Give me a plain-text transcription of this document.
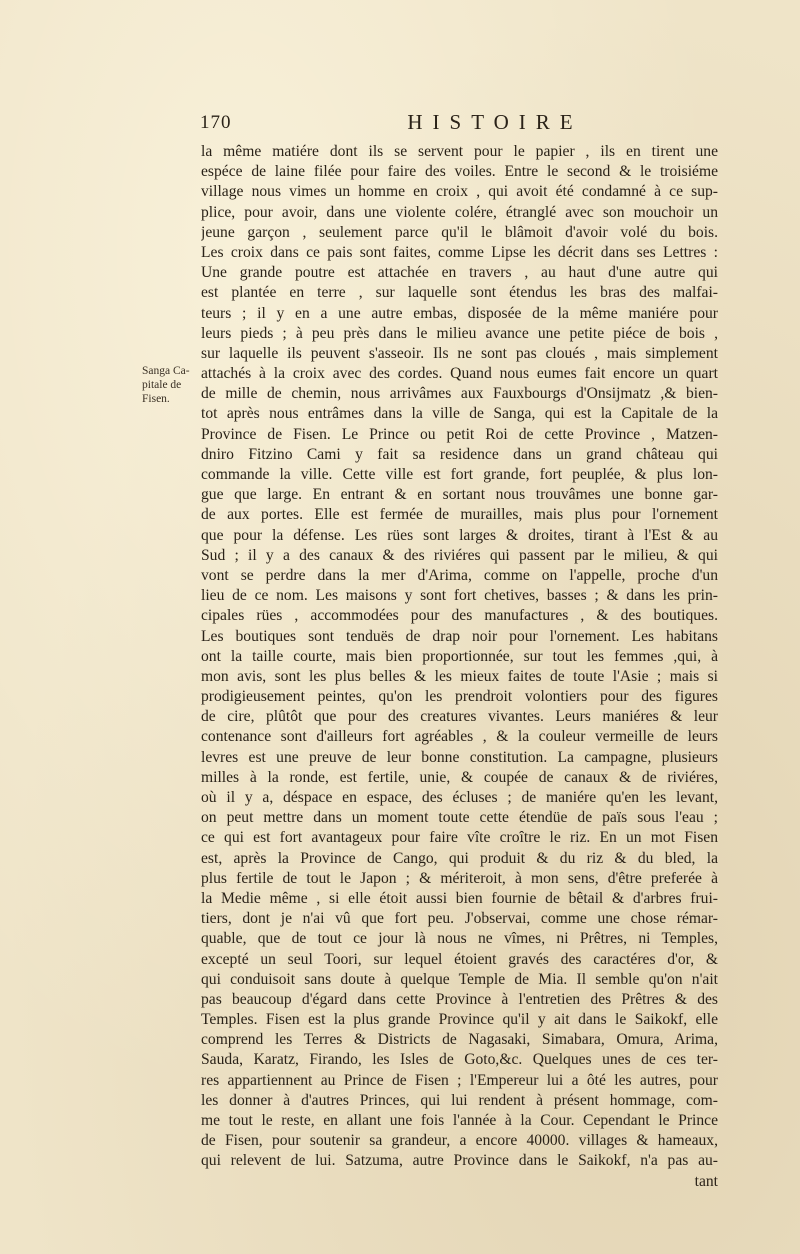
170	HISTOIRE
Sanga Ca-
pitale de
Fisen.
la même matiére dont ils se servent pour le papier , ils en tirent une
espéce de laine filée pour faire des voiles. Entre le second & le troisiéme
village nous vimes un homme en croix , qui avoit été condamné à ce sup-
plice, pour avoir, dans une violente colére, étranglé avec son mouchoir un
jeune garçon , seulement parce qu'il le blâmoit d'avoir volé du bois.
Les croix dans ce pais sont faites, comme Lipse les décrit dans ses Lettres :
Une grande poutre est attachée en travers , au haut d'une autre qui
est plantée en terre , sur laquelle sont étendus les bras des malfai-
teurs ; il y en a une autre embas, disposée de la même maniére pour
leurs pieds ; à peu près dans le milieu avance une petite piéce de bois ,
sur laquelle ils peuvent s'asseoir. Ils ne sont pas cloués , mais simplement
attachés à la croix avec des cordes. Quand nous eumes fait encore un quart
de mille de chemin, nous arrivâmes aux Fauxbourgs d'Onsijmatz ,& bien-
tot après nous entrâmes dans la ville de Sanga, qui est la Capitale de la
Province de Fisen. Le Prince ou petit Roi de cette Province , Matzen-
dniro Fitzino Cami y fait sa residence dans un grand château qui
commande la ville. Cette ville est fort grande, fort peuplée, & plus lon-
gue que large. En entrant & en sortant nous trouvâmes une bonne gar-
de aux portes. Elle est fermée de murailles, mais plus pour l'ornement
que pour la défense. Les rües sont larges & droites, tirant à l'Est & au
Sud ; il y a des canaux & des riviéres qui passent par le milieu, & qui
vont se perdre dans la mer d'Arima, comme on l'appelle, proche d'un
lieu de ce nom. Les maisons y sont fort chetives, basses ; & dans les prin-
cipales rües , accommodées pour des manufactures , & des boutiques.
Les boutiques sont tenduës de drap noir pour l'ornement. Les habitans
ont la taille courte, mais bien proportionnée, sur tout les femmes ,qui, à
mon avis, sont les plus belles & les mieux faites de toute l'Asie ; mais si
prodigieusement peintes, qu'on les prendroit volontiers pour des figures
de cire, plûtôt que pour des creatures vivantes. Leurs maniéres & leur
contenance sont d'ailleurs fort agréables , & la couleur vermeille de leurs
levres est une preuve de leur bonne constitution. La campagne, plusieurs
milles à la ronde, est fertile, unie, & coupée de canaux & de riviéres,
où il y a, déspace en espace, des écluses ; de maniére qu'en les levant,
on peut mettre dans un moment toute cette étendüe de païs sous l'eau ;
ce qui est fort avantageux pour faire vîte croître le riz. En un mot Fisen
est, après la Province de Cango, qui produit & du riz & du bled, la
plus fertile de tout le Japon ; & mériteroit, à mon sens, d'être preferée à
la Medie même , si elle étoit aussi bien fournie de bêtail & d'arbres frui-
tiers, dont je n'ai vû que fort peu. J'observai, comme une chose rémar-
quable, que de tout ce jour là nous ne vîmes, ni Prêtres, ni Temples,
excepté un seul Toori, sur lequel étoient gravés des caractéres d'or, &
qui conduisoit sans doute à quelque Temple de Mia. Il semble qu'on n'ait
pas beaucoup d'égard dans cette Province à l'entretien des Prêtres & des
Temples. Fisen est la plus grande Province qu'il y ait dans le Saikokf, elle
comprend les Terres & Districts de Nagasaki, Simabara, Omura, Arima,
Sauda, Karatz, Firando, les Isles de Goto,&c. Quelques unes de ces ter-
res appartiennent au Prince de Fisen ; l'Empereur lui a ôté les autres, pour
les donner à d'autres Princes, qui lui rendent à présent hommage, com-
me tout le reste, en allant une fois l'année à la Cour. Cependant le Prince
de Fisen, pour soutenir sa grandeur, a encore 40000. villages & hameaux,
qui relevent de lui. Satzuma, autre Province dans le Saikokf, n'a pas au-
tant
